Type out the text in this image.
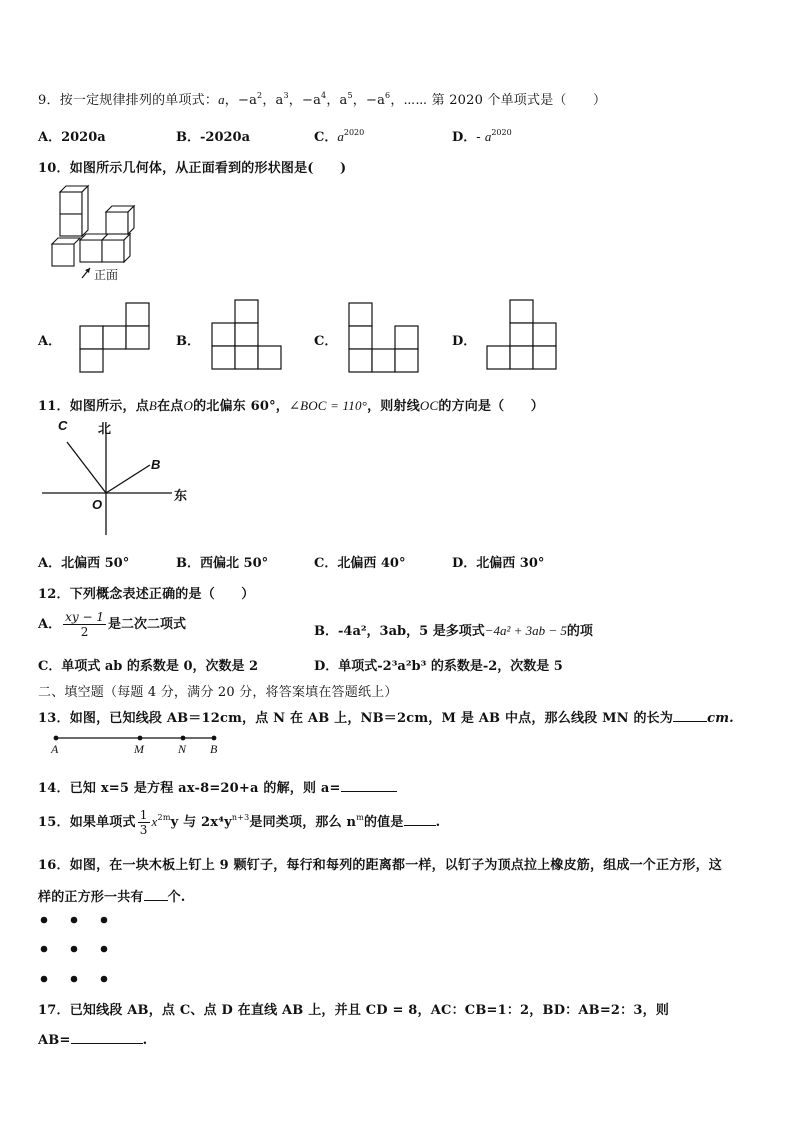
9．按一定规律排列的单项式：a，$-a^2$，$a^3$，$-a^4$，$a^5$，$-a^6$，⋯⋯ 第 2020 个单项式是（　　）
A．2020a	B．-2020a	C．$a^{2020}$	D．- $a^{2020}$
10．如图所示几何体，从正面看到的形状图是(　　)
正面
A．	B．	C．	D．
11．如图所示，点B在点O的北偏东 60°，∠BOC = 110°，则射线OC的方向是（　　）
北
东
C
B
O
A．北偏西 50°	B．西偏北 50°	C．北偏西 40°	D．北偏西 30°
12．下列概念表述正确的是（　　）
A． $\frac{xy - 1}{2}$ 是二次二项式	B．-4a²，3ab，5 是多项式−4a² + 3ab − 5的项
C．单项式 ab 的系数是 0，次数是 2	D．单项式-2³a²b³ 的系数是-2，次数是 5
二、填空题（每题 4 分，满分 20 分，将答案填在答题纸上）
13．如图，已知线段 AB＝12cm，点 N 在 AB 上，NB＝2cm，M 是 AB 中点，那么线段 MN 的长为	cm.
A	M	N B
14．已知 x=5 是方程 ax-8=20+a 的解，则 a=
15．如果单项式 $\frac{1}{3} x^{2m}y$ 与 $2x^4y^{n+3}$是同类项，那么 $n^m$的值是 .
16．如图，在一块木板上钉上 9 颗钉子，每行和每列的距离都一样，以钉子为顶点拉上橡皮筋，组成一个正方形，这
样的正方形一共有 个.
17．已知线段 AB，点 C、点 D 在直线 AB 上，并且 CD = 8，AC：CB=1：2，BD：AB=2：3，则
AB=	.
